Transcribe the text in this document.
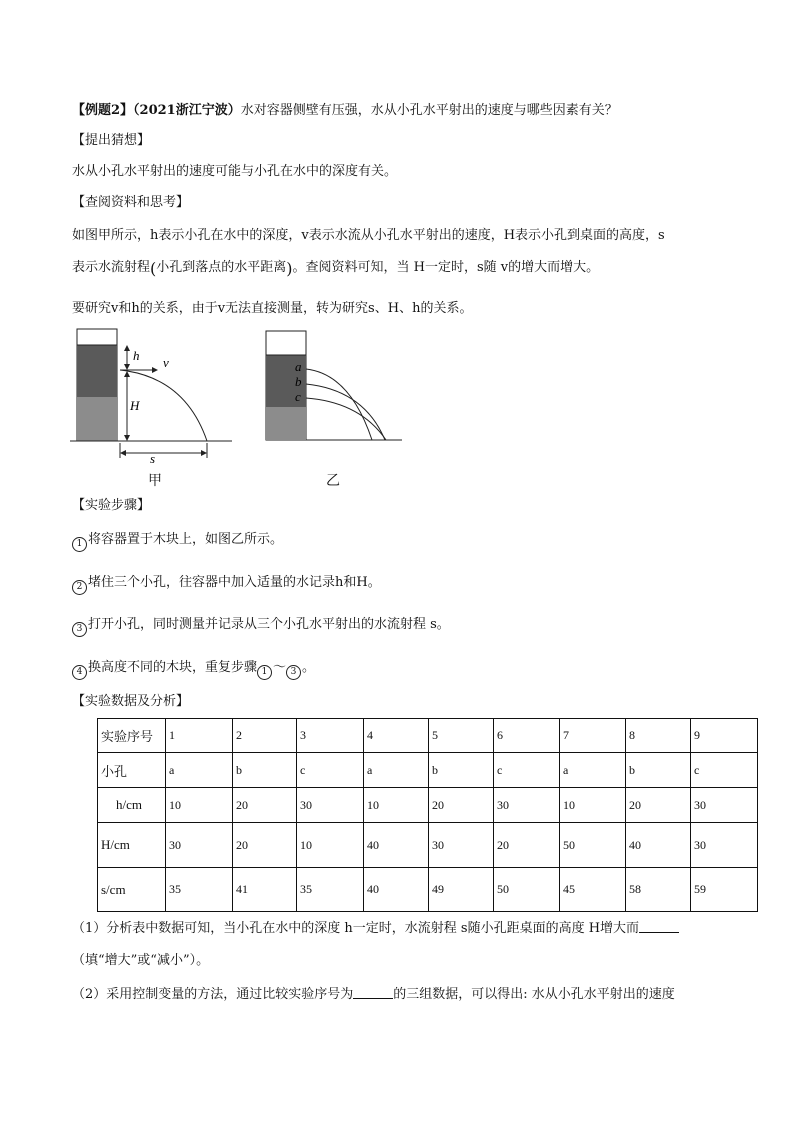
【例题2】（2021浙江宁波）水对容器侧壁有压强，水从小孔水平射出的速度与哪些因素有关？
【提出猜想】
水从小孔水平射出的速度可能与小孔在水中的深度有关。
【查阅资料和思考】
如图甲所示，h表示小孔在水中的深度，v表示水流从小孔水平射出的速度，H表示小孔到桌面的高度，s
表示水流射程(小孔到落点的水平距离)。查阅资料可知，当 H一定时，s随 v的增大而增大。
要研究v和h的关系，由于v无法直接测量，转为研究s、H、h的关系。
h v
H
s
甲
a
b
c
乙
【实验步骤】
1 将容器置于木块上，如图乙所示。
2 堵住三个小孔，往容器中加入适量的水记录h和H。
3 打开小孔，同时测量并记录从三个小孔水平射出的水流射程 s。
4 换高度不同的木块，重复步骤 1 ～ 3 。
【实验数据及分析】
实验序号	1	2	3	4	5	6	7	8	9
小孔	a	b	c	a	b	c	a	b	c
h/cm	10	20	30	10	20	30	10	20	30
H/cm	30	20	10	40	30	20	50	40	30
s/cm	35	41	35	40	49	50	45	58	59
（1）分析表中数据可知，当小孔在水中的深度 h一定时，水流射程 s随小孔距桌面的高度 H增大而
（填“增大”或“减小”）。
（2）采用控制变量的方法，通过比较实验序号为	的三组数据，可以得出: 水从小孔水平射出的速度
